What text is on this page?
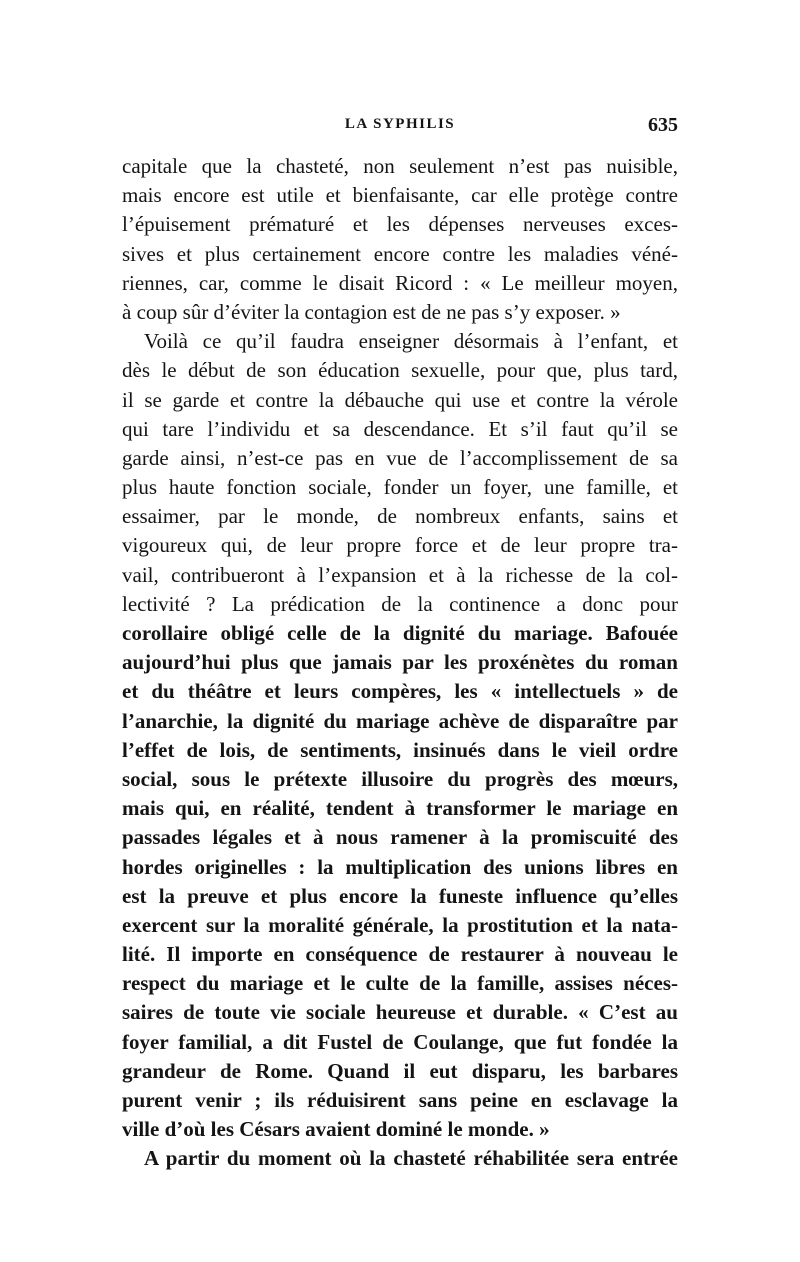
LA SYPHILIS	635
capitale que la chasteté, non seulement n’est pas nuisible,
mais encore est utile et bienfaisante, car elle protège contre
l’épuisement prématuré et les dépenses nerveuses exces-
sives et plus certainement encore contre les maladies véné-
riennes, car, comme le disait Ricord : « Le meilleur moyen,
à coup sûr d’éviter la contagion est de ne pas s’y exposer. »
Voilà ce qu’il faudra enseigner désormais à l’enfant, et
dès le début de son éducation sexuelle, pour que, plus tard,
il se garde et contre la débauche qui use et contre la vérole
qui tare l’individu et sa descendance. Et s’il faut qu’il se
garde ainsi, n’est-ce pas en vue de l’accomplissement de sa
plus haute fonction sociale, fonder un foyer, une famille, et
essaimer, par le monde, de nombreux enfants, sains et
vigoureux qui, de leur propre force et de leur propre tra-
vail, contribueront à l’expansion et à la richesse de la col-
lectivité ? La prédication de la continence a donc pour
corollaire obligé celle de la dignité du mariage. Bafouée
aujourd’hui plus que jamais par les proxénètes du roman
et du théâtre et leurs compères, les « intellectuels » de
l’anarchie, la dignité du mariage achève de disparaître par
l’effet de lois, de sentiments, insinués dans le vieil ordre
social, sous le prétexte illusoire du progrès des mœurs,
mais qui, en réalité, tendent à transformer le mariage en
passades légales et à nous ramener à la promiscuité des
hordes originelles : la multiplication des unions libres en
est la preuve et plus encore la funeste influence qu’elles
exercent sur la moralité générale, la prostitution et la nata-
lité. Il importe en conséquence de restaurer à nouveau le
respect du mariage et le culte de la famille, assises néces-
saires de toute vie sociale heureuse et durable. « C’est au
foyer familial, a dit Fustel de Coulange, que fut fondée la
grandeur de Rome. Quand il eut disparu, les barbares
purent venir ; ils réduisirent sans peine en esclavage la
ville d’où les Césars avaient dominé le monde. »
A partir du moment où la chasteté réhabilitée sera entrée
